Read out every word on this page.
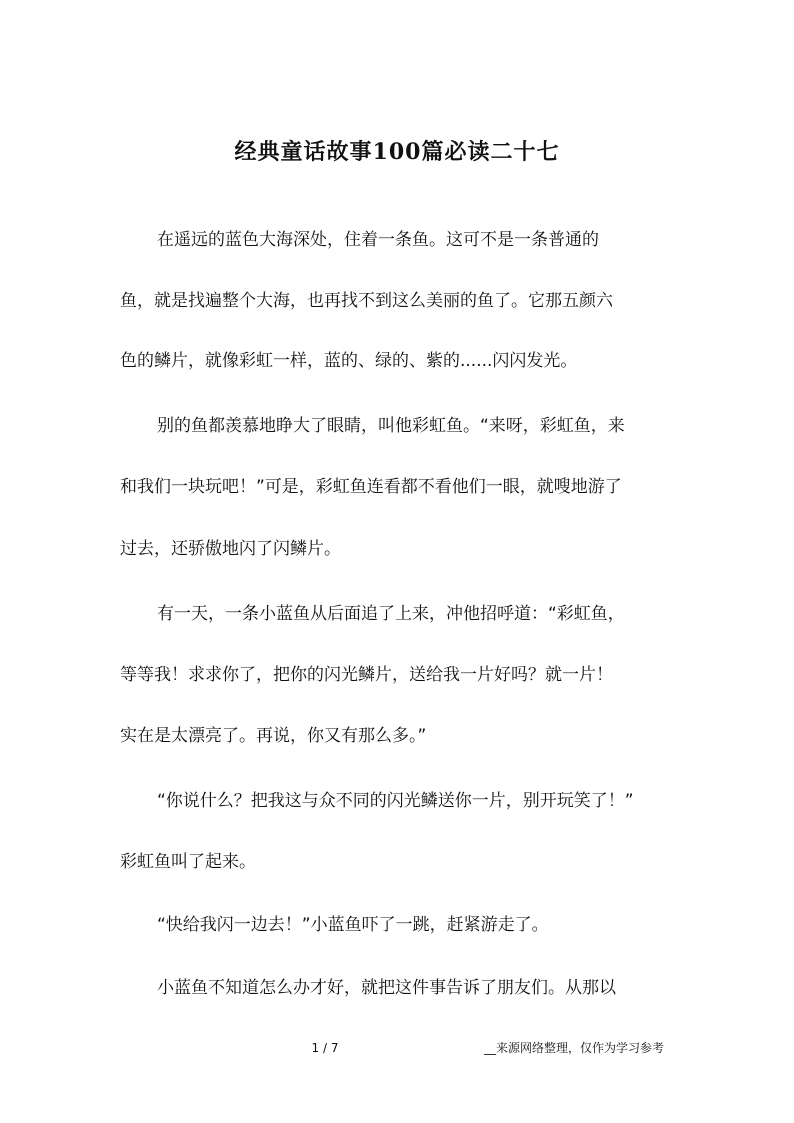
经典童话故事100篇必读二十七
在遥远的蓝色大海深处，住着一条鱼。这可不是一条普通的
鱼，就是找遍整个大海，也再找不到这么美丽的鱼了。它那五颜六
色的鳞片，就像彩虹一样，蓝的、绿的、紫的......闪闪发光。
别的鱼都羡慕地睁大了眼睛，叫他彩虹鱼。“来呀，彩虹鱼，来
和我们一块玩吧！”可是，彩虹鱼连看都不看他们一眼，就嗖地游了
过去，还骄傲地闪了闪鳞片。
有一天，一条小蓝鱼从后面追了上来，冲他招呼道：“彩虹鱼，
等等我！求求你了，把你的闪光鳞片，送给我一片好吗？就一片！
实在是太漂亮了。再说，你又有那么多。”
“你说什么？把我这与众不同的闪光鳞送你一片，别开玩笑了！”
彩虹鱼叫了起来。
“快给我闪一边去！”小蓝鱼吓了一跳，赶紧游走了。
小蓝鱼不知道怎么办才好，就把这件事告诉了朋友们。从那以
1 / 7	__来源网络整理，仅作为学习参考
